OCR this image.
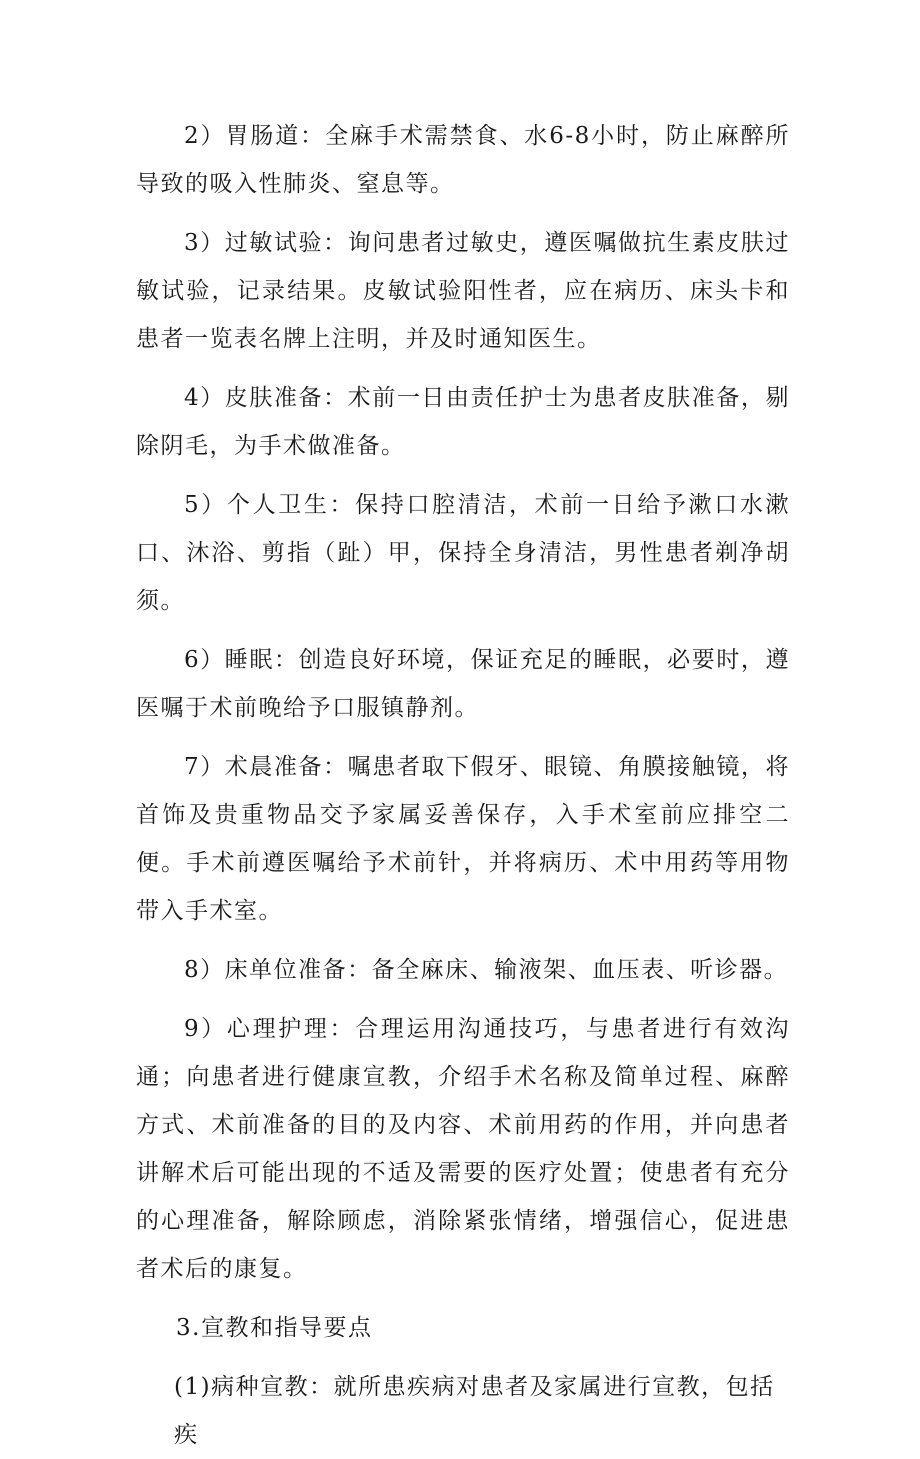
2）胃肠道：全麻手术需禁食、水6-8小时，防止麻醉所导致的吸入性肺炎、窒息等。

3）过敏试验：询问患者过敏史，遵医嘱做抗生素皮肤过敏试验，记录结果。皮敏试验阳性者，应在病历、床头卡和患者一览表名牌上注明，并及时通知医生。

4）皮肤准备：术前一日由责任护士为患者皮肤准备，剔除阴毛，为手术做准备。

5）个人卫生：保持口腔清洁，术前一日给予漱口水漱口、沐浴、剪指（趾）甲，保持全身清洁，男性患者剃净胡须。

6）睡眠：创造良好环境，保证充足的睡眠，必要时，遵医嘱于术前晚给予口服镇静剂。

7）术晨准备：嘱患者取下假牙、眼镜、角膜接触镜，将首饰及贵重物品交予家属妥善保存，入手术室前应排空二便。手术前遵医嘱给予术前针，并将病历、术中用药等用物带入手术室。

8）床单位准备：备全麻床、输液架、血压表、听诊器。

9）心理护理：合理运用沟通技巧，与患者进行有效沟通；向患者进行健康宣教，介绍手术名称及简单过程、麻醉方式、术前准备的目的及内容、术前用药的作用，并向患者讲解术后可能出现的不适及需要的医疗处置；使患者有充分的心理准备，解除顾虑，消除紧张情绪，增强信心，促进患者术后的康复。

3.宣教和指导要点

(1)病种宣教：就所患疾病对患者及家属进行宣教，包括疾
